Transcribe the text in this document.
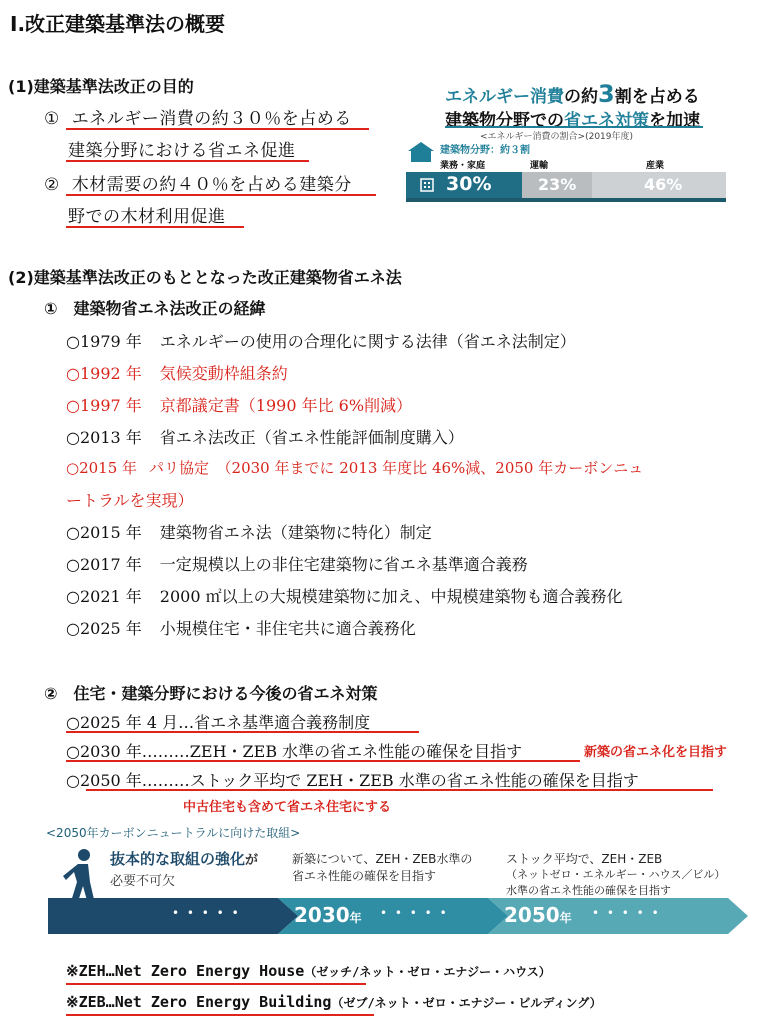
Ⅰ.改正建築基準法の概要
(1)建築基準法改正の目的
① エネルギー消費の約３０％を占める
建築分野における省エネ促進
② 木材需要の約４０％を占める建築分
野での木材利用促進
エネルギー消費の約3割を占める
建築物分野での省エネ対策を加速
<エネルギー消費の割合>(2019年度)
建築物分野：約３割
業務・家庭	運輸	産業
30%	23%	46%
(2)建築基準法改正のもととなった改正建築物省エネ法
①　建築物省エネ法改正の経緯
○1979 年 エネルギーの使用の合理化に関する法律（省エネ法制定）
○1992 年 気候変動枠組条約
○1997 年 京都議定書（1990 年比 6%削減）
○2013 年 省エネ法改正（省エネ性能評価制度購入）
○2015 年 パリ協定　（2030 年までに 2013 年度比 46%減、2050 年カーボンニュ
ートラルを実現）
○2015 年 建築物省エネ法（建築物に特化）制定
○2017 年 一定規模以上の非住宅建築物に省エネ基準適合義務
○2021 年 2000 ㎡以上の大規模建築物に加え、中規模建築物も適合義務化
○2025 年 小規模住宅・非住宅共に適合義務化
②　住宅・建築分野における今後の省エネ対策
○2025 年 4 月…省エネ基準適合義務制度
○2030 年………ZEH・ZEB 水準の省エネ性能の確保を目指す	新築の省エネ化を目指す
○2050 年………ストック平均で ZEH・ZEB 水準の省エネ性能の確保を目指す
中古住宅も含めて省エネ住宅にする
<2050年カーボンニュートラルに向けた取組>
抜本的な取組の強化が
必要不可欠
新築について、ZEH・ZEB水準の
省エネ性能の確保を目指す
ストック平均で、ZEH・ZEB
（ネットゼロ・エネルギー・ハウス／ビル）
水準の省エネ性能の確保を目指す
• • • • •	2030年 • • • • •	2050年 • • • • •
※ZEH…Net Zero Energy House（ゼッチ/ネット・ゼロ・エナジー・ハウス）
※ZEB…Net Zero Energy Building（ゼブ/ネット・ゼロ・エナジー・ビルディング）
